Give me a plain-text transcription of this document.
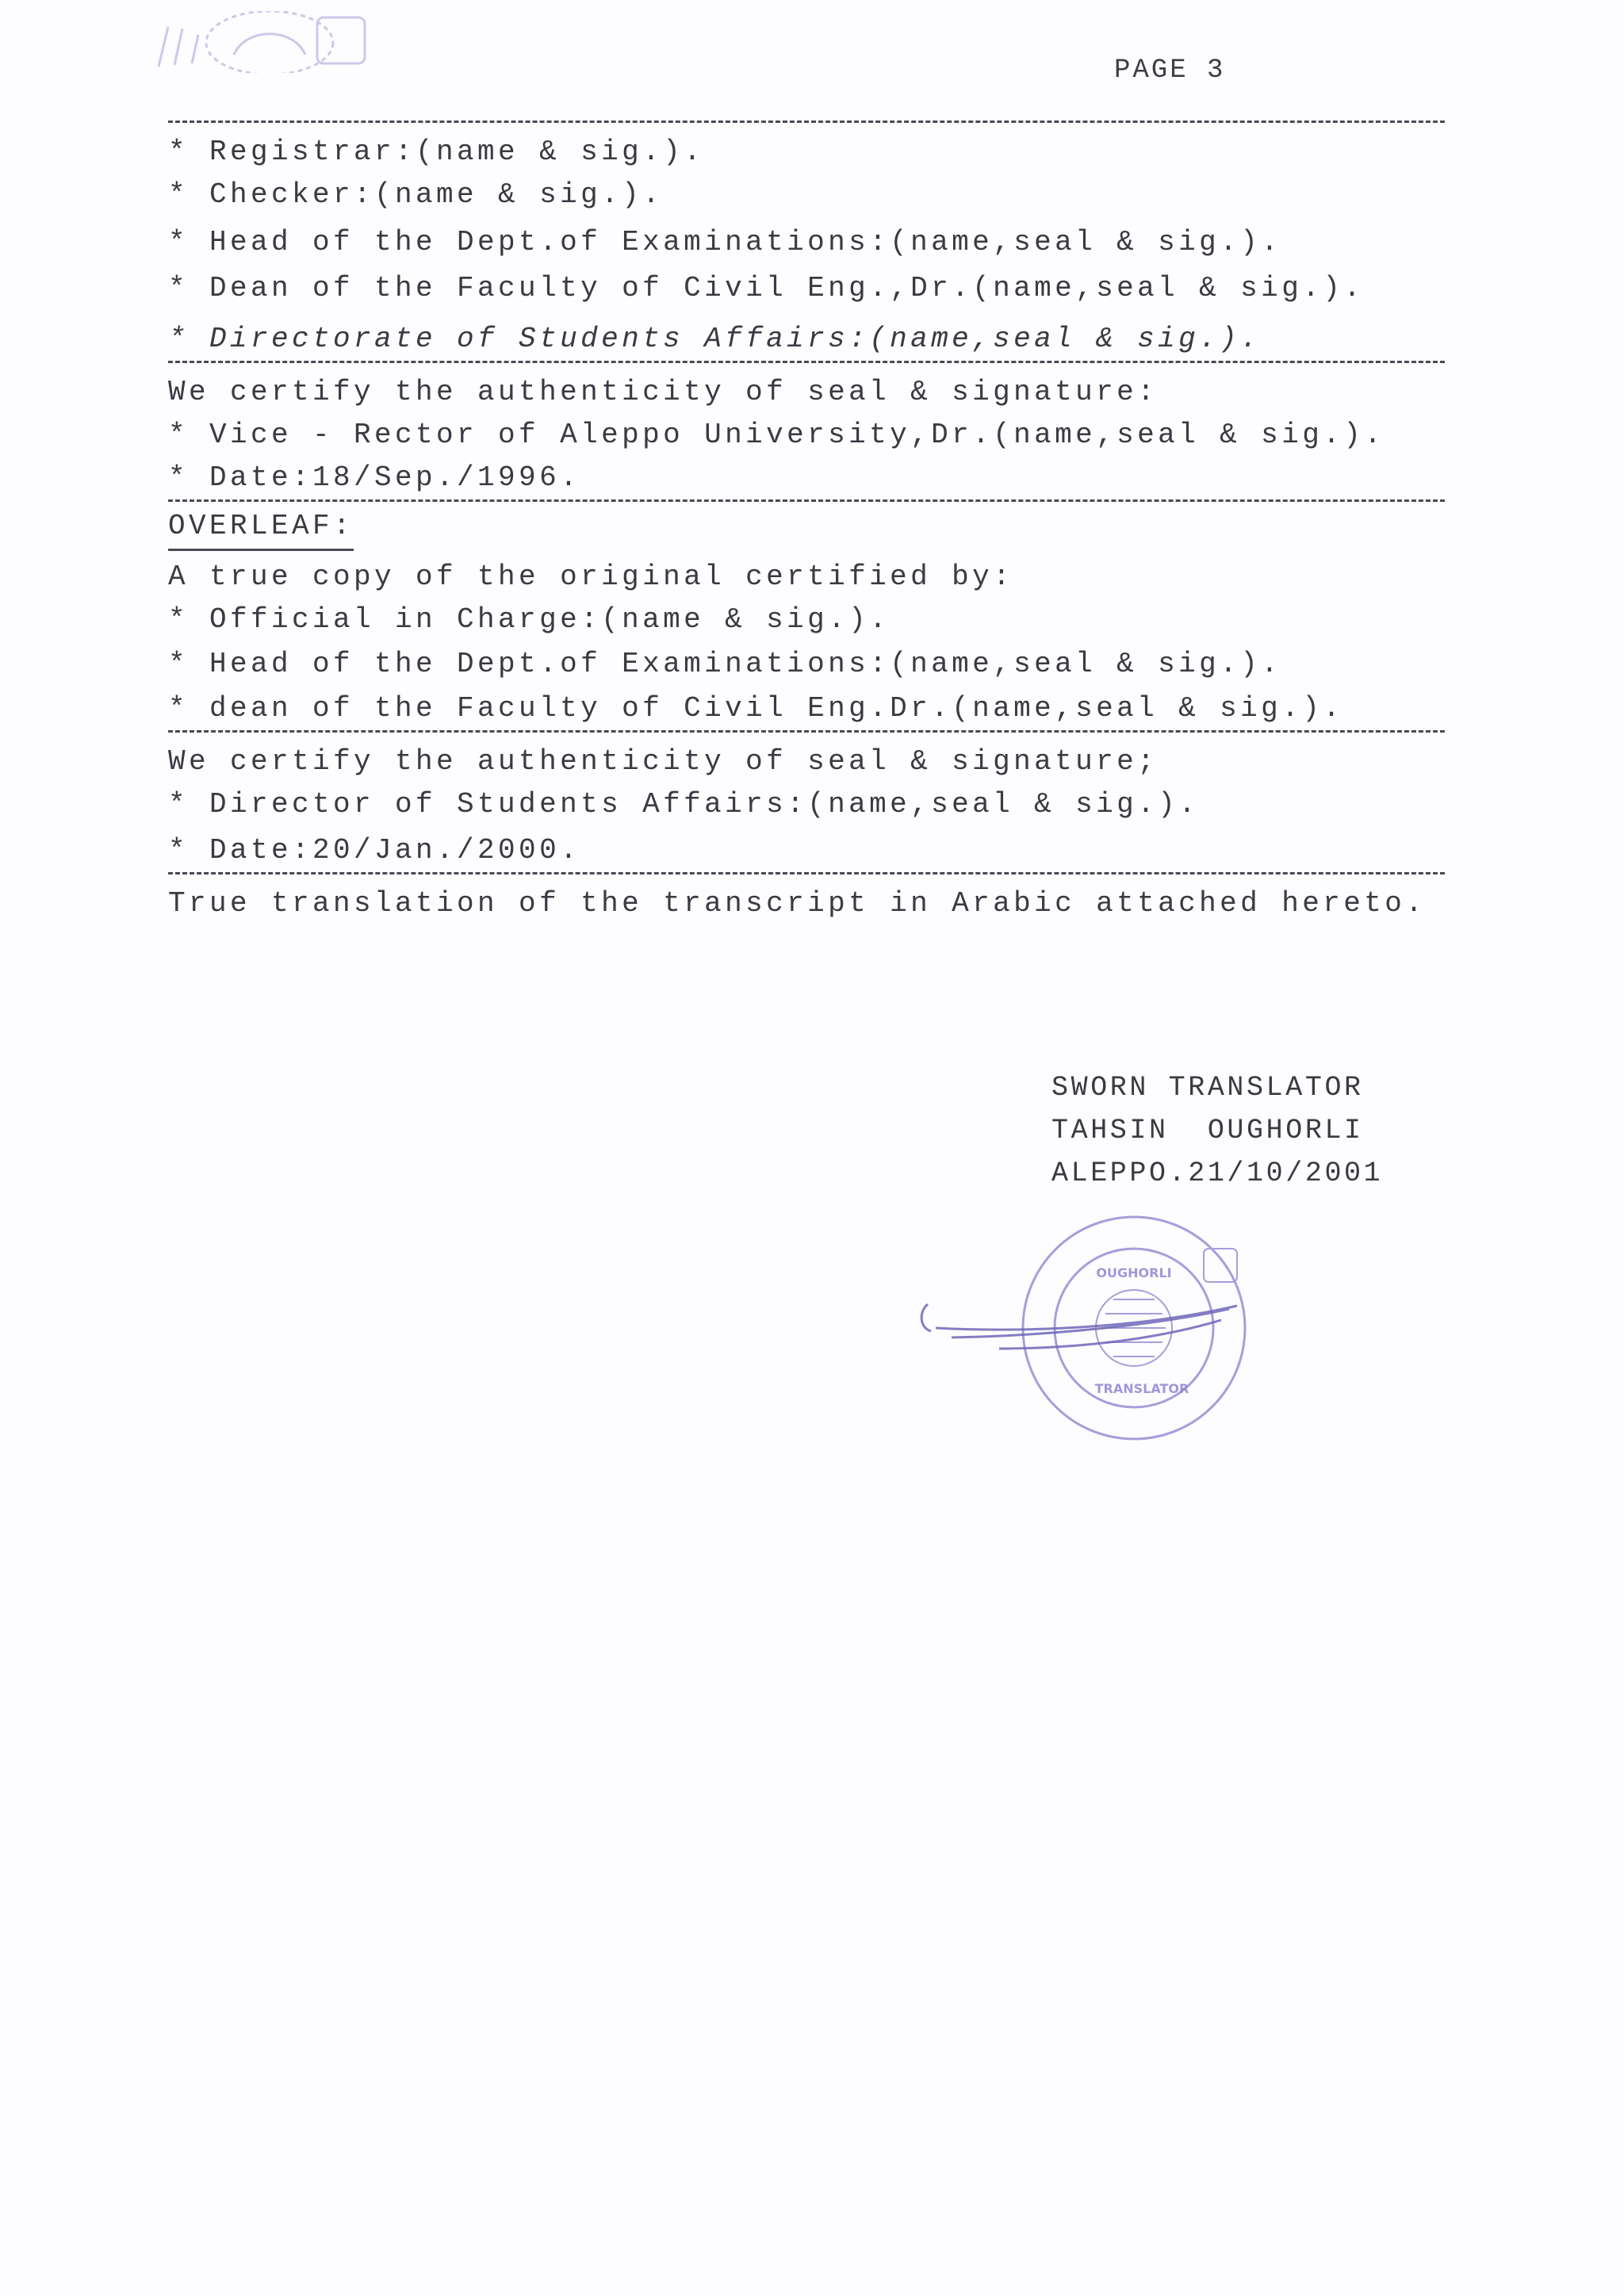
PAGE 3
* Registrar:(name & sig.).
* Checker:(name & sig.).
* Head of the Dept.of Examinations:(name,seal & sig.).
* Dean of the Faculty of Civil Eng.,Dr.(name,seal & sig.).
* Directorate of Students Affairs:(name,seal & sig.).
We certify the authenticity of seal & signature:
* Vice - Rector of Aleppo University,Dr.(name,seal & sig.).
* Date:18/Sep./1996.
OVERLEAF:
A true copy of the original certified by:
* Official in Charge:(name & sig.).
* Head of the Dept.of Examinations:(name,seal & sig.).
* dean of the Faculty of Civil Eng.Dr.(name,seal & sig.).
We certify the authenticity of seal & signature;
* Director of Students Affairs:(name,seal & sig.).
* Date:20/Jan./2000.
True translation of the transcript in Arabic attached hereto.
SWORN TRANSLATOR
TAHSIN  OUGHORLI
ALEPPO.21/10/2001
OUGHORLI
TRANSLATOR
